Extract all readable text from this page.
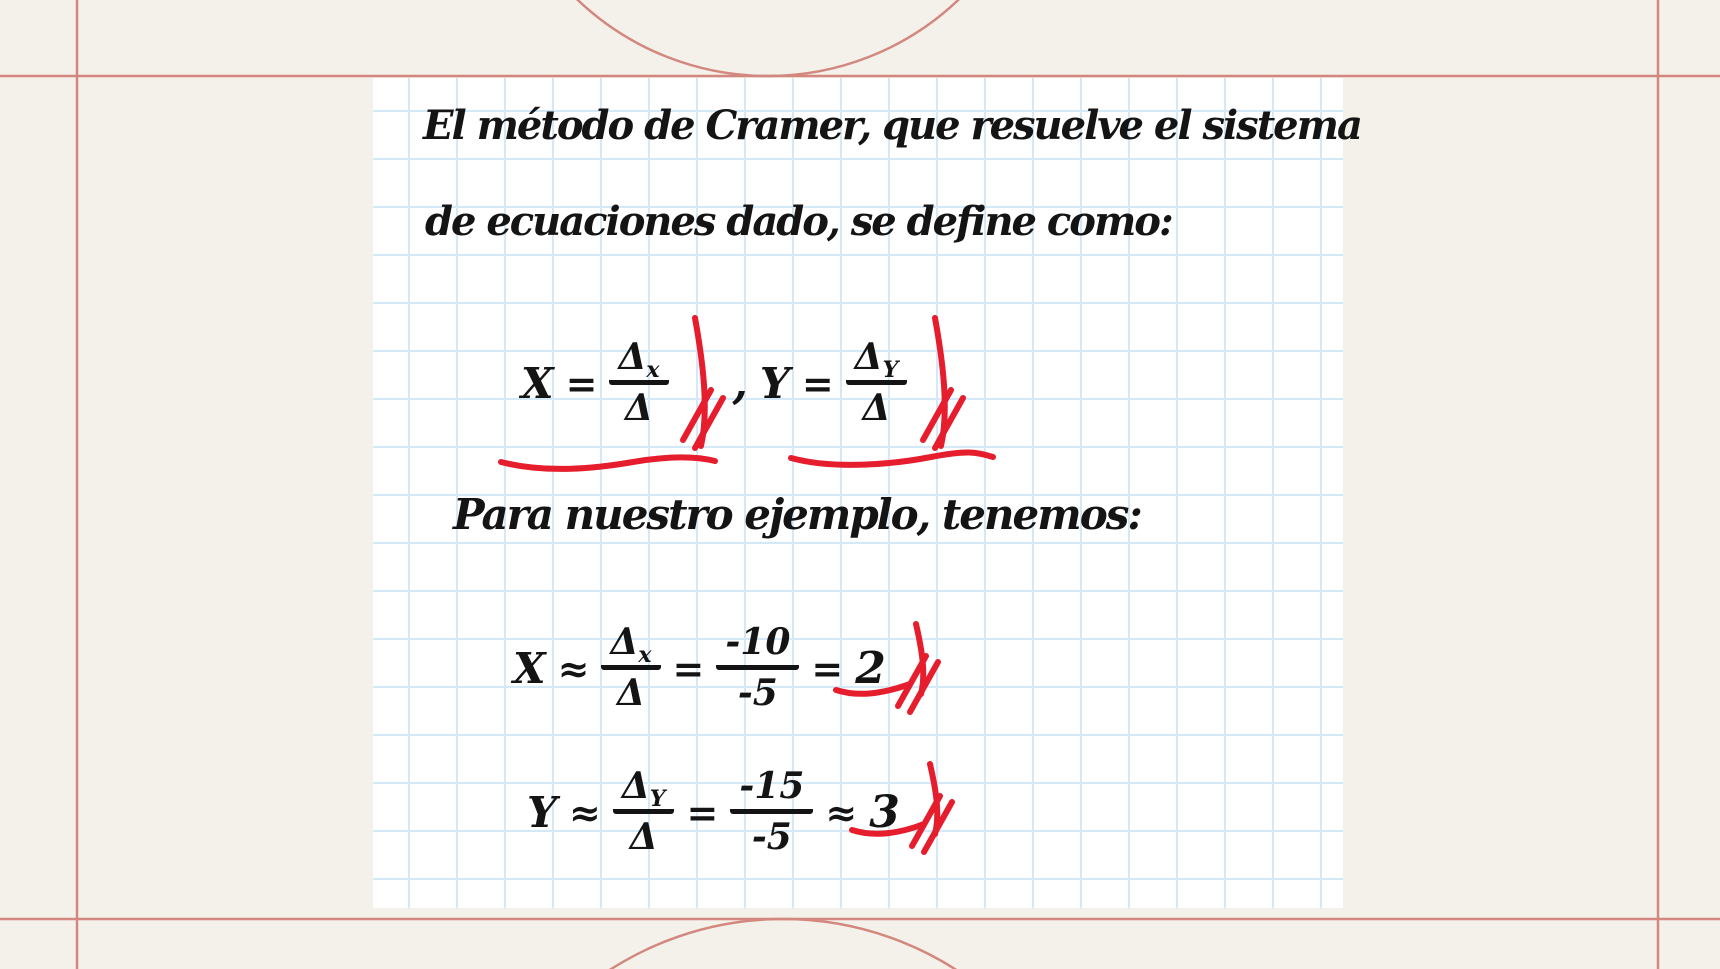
El método de Cramer, que resuelve el sistema
de ecuaciones dado, se define como:
$X = \frac{\Delta_x}{\Delta}$ , $Y = \frac{\Delta_Y}{\Delta}$
Para nuestro ejemplo, tenemos:
$X \approx \frac{\Delta_x}{\Delta} = \frac{-10}{-5} = 2$
$Y \approx \frac{\Delta_Y}{\Delta} = \frac{-15}{-5} \approx 3$
